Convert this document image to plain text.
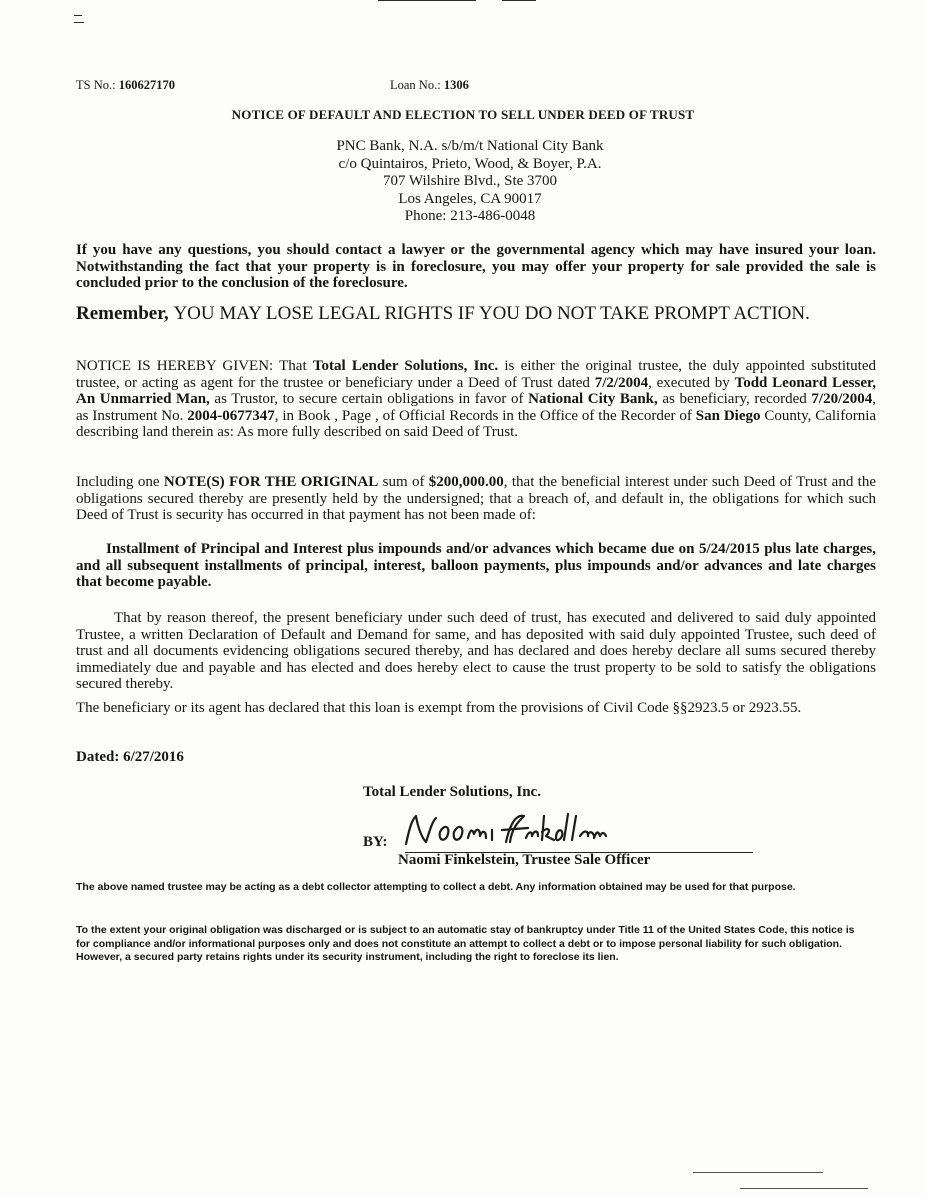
TS No.: 160627170	Loan No.: 1306
NOTICE OF DEFAULT AND ELECTION TO SELL UNDER DEED OF TRUST
PNC Bank, N.A. s/b/m/t National City Bank
c/o Quintairos, Prieto, Wood, & Boyer, P.A.
707 Wilshire Blvd., Ste 3700
Los Angeles, CA 90017
Phone: 213-486-0048
If you have any questions, you should contact a lawyer or the governmental agency which may have insured your loan. Notwithstanding the fact that your property is in foreclosure, you may offer your property for sale provided the sale is concluded prior to the conclusion of the foreclosure.
Remember, YOU MAY LOSE LEGAL RIGHTS IF YOU DO NOT TAKE PROMPT ACTION.
NOTICE IS HEREBY GIVEN: That Total Lender Solutions, Inc. is either the original trustee, the duly appointed substituted trustee, or acting as agent for the trustee or beneficiary under a Deed of Trust dated 7/2/2004, executed by Todd Leonard Lesser, An Unmarried Man, as Trustor, to secure certain obligations in favor of National City Bank, as beneficiary, recorded 7/20/2004, as Instrument No. 2004-0677347, in Book , Page , of Official Records in the Office of the Recorder of San Diego County, California describing land therein as: As more fully described on said Deed of Trust.
Including one NOTE(S) FOR THE ORIGINAL sum of $200,000.00, that the beneficial interest under such Deed of Trust and the obligations secured thereby are presently held by the undersigned; that a breach of, and default in, the obligations for which such Deed of Trust is security has occurred in that payment has not been made of:
Installment of Principal and Interest plus impounds and/or advances which became due on 5/24/2015 plus late charges, and all subsequent installments of principal, interest, balloon payments, plus impounds and/or advances and late charges that become payable.
That by reason thereof, the present beneficiary under such deed of trust, has executed and delivered to said duly appointed Trustee, a written Declaration of Default and Demand for same, and has deposited with said duly appointed Trustee, such deed of trust and all documents evidencing obligations secured thereby, and has declared and does hereby declare all sums secured thereby immediately due and payable and has elected and does hereby elect to cause the trust property to be sold to satisfy the obligations secured thereby.
The beneficiary or its agent has declared that this loan is exempt from the provisions of Civil Code §§2923.5 or 2923.55.
Dated: 6/27/2016
Total Lender Solutions, Inc.
BY:
Naomi Finkelstein, Trustee Sale Officer
The above named trustee may be acting as a debt collector attempting to collect a debt. Any information obtained may be used for that purpose.
To the extent your original obligation was discharged or is subject to an automatic stay of bankruptcy under Title 11 of the United States Code, this notice is for compliance and/or informational purposes only and does not constitute an attempt to collect a debt or to impose personal liability for such obligation. However, a secured party retains rights under its security instrument, including the right to foreclose its lien.
